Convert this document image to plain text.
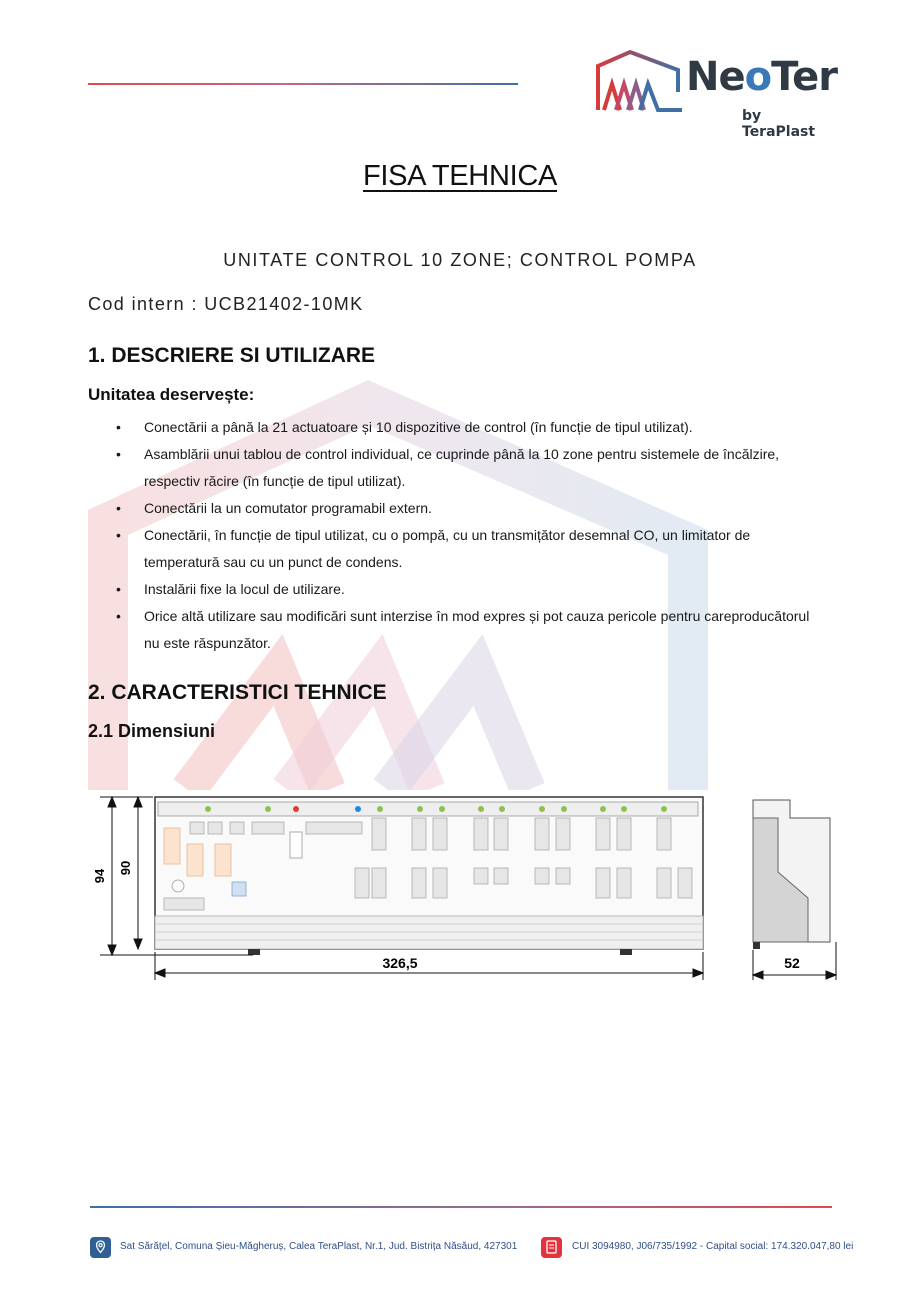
NeoTer
by TeraPlast
FISA TEHNICA
UNITATE CONTROL 10 ZONE; CONTROL POMPA
Cod intern : UCB21402-10MK
1. DESCRIERE SI UTILIZARE
Unitatea deservește:
• Conectării a până la 21 actuatoare și 10 dispozitive de control (în funcție de tipul utilizat).
• Asamblării unui tablou de control individual, ce cuprinde până la 10 zone pentru sistemele de încălzire, respectiv răcire (în funcție de tipul utilizat).
• Conectării la un comutator programabil extern.
• Conectării, în funcție de tipul utilizat, cu o pompă, cu un transmițător desemnal CO, un limitator de temperatură sau cu un punct de condens.
• Instalării fixe la locul de utilizare.
• Orice altă utilizare sau modificări sunt interzise în mod expres și pot cauza pericole pentru careproducătorul nu este răspunzător.
2. CARACTERISTICI TEHNICE
2.1 Dimensiuni
94
90
326,5	52
Sat Sărățel, Comuna Șieu-Măgheruș, Calea TeraPlast, Nr.1, Jud. Bistrița Năsăud, 427301	CUI 3094980, J06/735/1992 - Capital social: 174.320.047,80 lei
